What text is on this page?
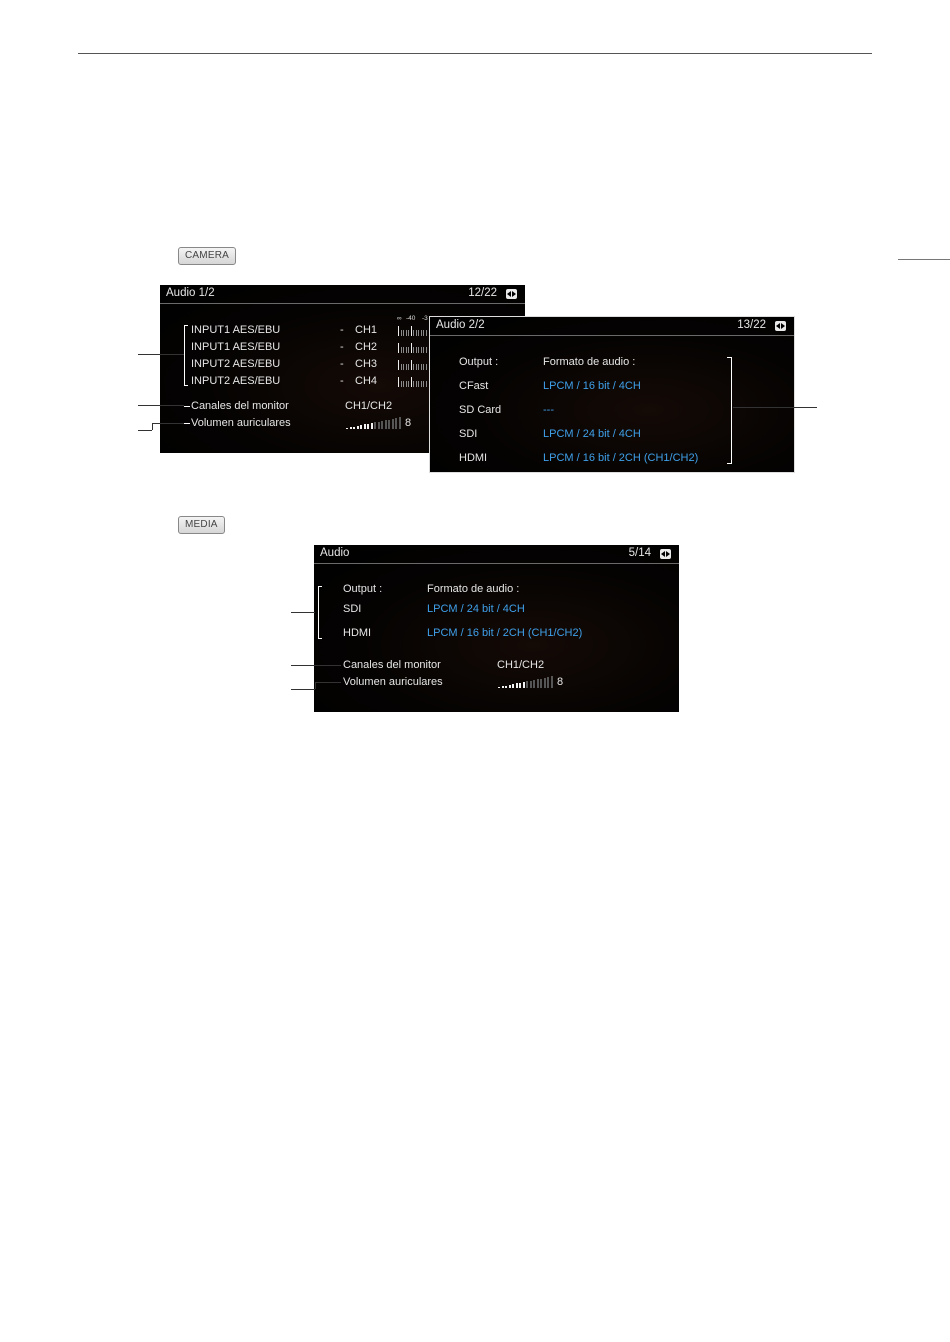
CAMERA
Audio 1/2	12/22
∞ -40 -3
INPUT1 AES/EBU	- CH1
INPUT1 AES/EBU	- CH2
INPUT2 AES/EBU	- CH3
INPUT2 AES/EBU	- CH4
Canales del monitor	CH1/CH2
Volumen auriculares	8
Audio 2/2	13/22
Output :	Formato de audio :
CFast	LPCM / 16 bit / 4CH
SD Card	---
SDI	LPCM / 24 bit / 4CH
HDMI	LPCM / 16 bit / 2CH (CH1/CH2)
MEDIA
Audio	5/14
Output :	Formato de audio :
SDI	LPCM / 24 bit / 4CH
HDMI	LPCM / 16 bit / 2CH (CH1/CH2)
Canales del monitor	CH1/CH2
Volumen auriculares	8
